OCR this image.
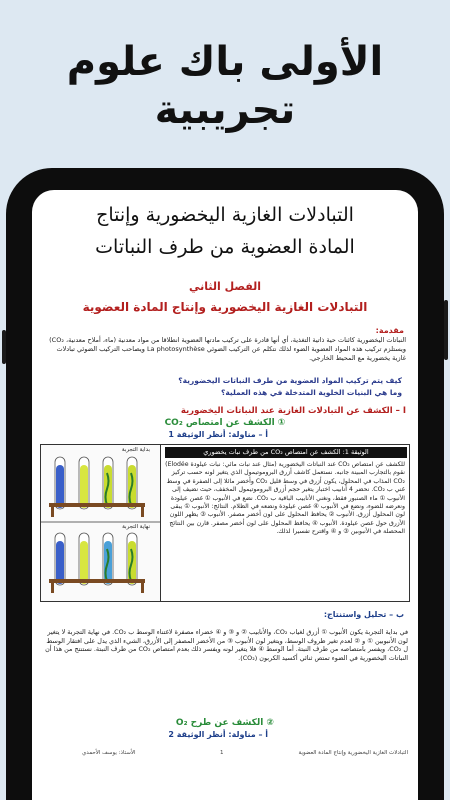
الأولى باك علوم
تجريبية
التبادلات الغازية اليخضورية وإنتاج
المادة العضوية من طرف النباتات
الفصل الثاني
التبادلات الغازية اليخضورية وإنتاج المادة العضوية
مقدمة:
النباتات اليخضورية كائنات حية ذاتية التغذية، أي أنها قادرة على تركيب مادتها العضوية انطلاقا من مواد معدنية (ماء، أملاح معدنية، CO₂) ويستلزم تركيب هذه المواد العضوية الضوء لذلك نتكلم عن التركيب الضوئي La photosynthèse ويصاحب التركيب الضوئي تبادلات غازية يخضورية مع المحيط الخارجي.
كيف يتم تركيب المواد العضوية من طرف النباتات اليخضورية؟
وما هي البنيات الخلوية المتدخلة في هذه العملية؟
I – الكشف عن التبادلات الغازية عند النباتات اليخضورية
① الكشف عن امتصاص CO₂
أ – مناولة: أنظر الوثيقة 1
بداية التجربة
نهاية التجربة
الوثيقة 1: الكشف عن امتصاص CO₂ من طرف نبات يخضوري
للكشف عن امتصاص CO₂ عند النباتات اليخضورية (مثال عند نبات مائي: نبات عيلودة Elodée) نقوم بالتجارب المبينة جانبه. نستعمل كاشف أزرق البروموتيمول الذي يتغير لونه حسب تركيز CO₂ المذاب في المحلول، يكون أزرق في وسط قليل CO₂ وأخضر مائلا إلى الصفرة في وسط غني ب CO₂. نحضر 4 أنابيب اختبار يتغير حجم أزرق البروموتيمول المخفف، حيث نضيف إلى الأنبوب ① ماء الصنبور فقط، ونغني الأنابيب الباقية ب CO₂. نضع في الأنبوب ① غصن عيلودة ونعرضه للضوء، ونضع في الأنبوب ④ غصن عيلودة ونضعه في الظلام. النتائج: الأنبوب ① يبقى لون المحلول أزرق. الأنبوب ② يحافظ المحلول على لون أخضر مصفر. الأنبوب ③ يظهر اللون الأزرق حول غصن عيلودة. الأنبوب ④ يحافظ المحلول على لون أخضر مصفر. قارن بين النتائج المحصلة في الأنبوبين ③ و ④ واقترح تفسيرا لذلك.
ب – تحليل واستنتاج:
في بداية التجربة يكون الأنبوب ① أزرق لغياب CO₂، والأنابيب ② و ③ و ④ خضراء مصفرة لاغتناء الوسط ب CO₂. في نهاية التجربة لا يتغير لون الأنبوبين ① و ② لعدم تغير ظروف الوسط، ويتغير لون الأنبوب ③ من الأخضر المصفر إلى الأزرق، الشيء الذي يدل على افتقار الوسط ل CO₂، ويفسر بامتصاصه من طرف النبتة. أما الوسط ④ فلا يتغير لونه ويفسر ذلك بعدم امتصاص CO₂ من طرف النبتة. نستنتج من هذا أن النباتات اليخضورية في الضوء تمتص ثنائي أكسيد الكربون (CO₂).
② الكشف عن طرح O₂
أ – مناولة: أنظر الوثيقة 2
الأستاذ: يوسف الأحمدي	1	التبادلات الغازية اليخضورية وإنتاج المادة العضوية
